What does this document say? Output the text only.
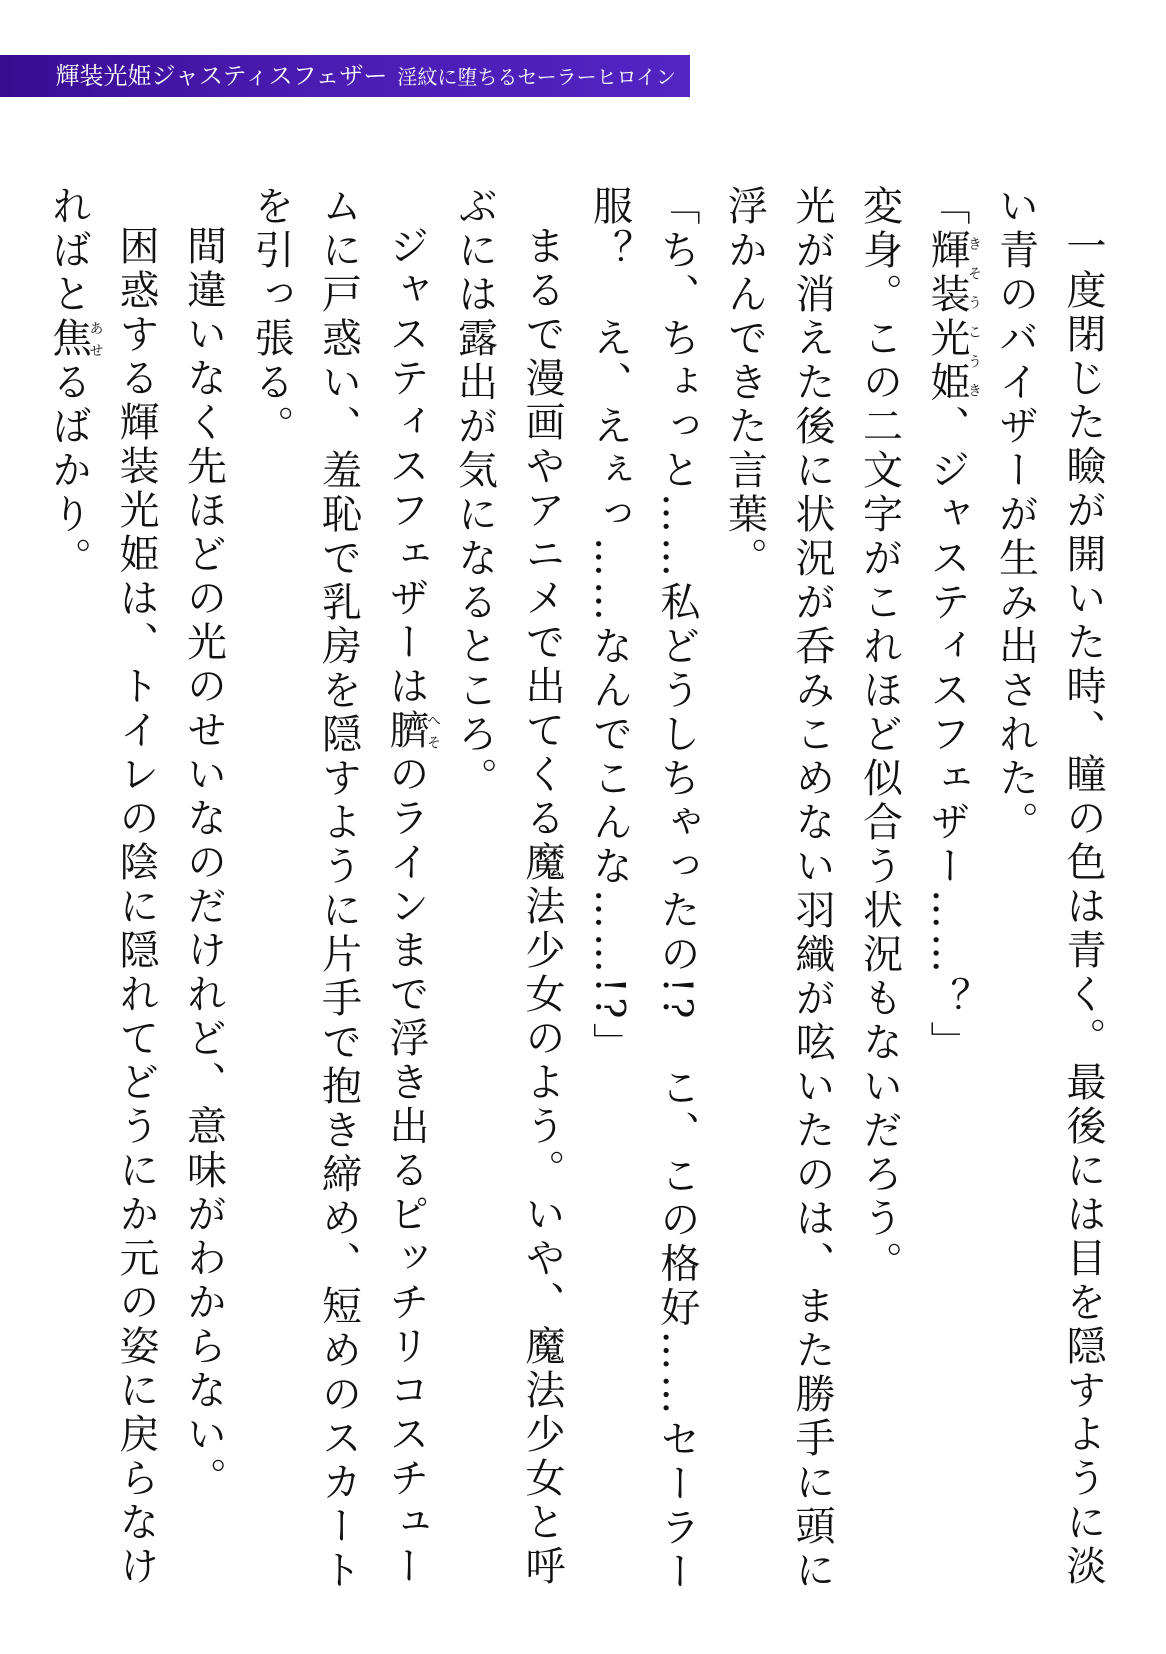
輝装光姫ジャスティスフェザー 淫紋に堕ちるセーラーヒロイン

一度閉じた瞼が開いた時、瞳の色は青く。最後には目を隠すように淡い青のバイザーが生み出された。

「輝装光姫きそうこうき、ジャスティスフェザー……？」

変身。この二文字がこれほど似合う状況もないだろう。

光が消えた後に状況が呑みこめない羽織が呟いたのは、また勝手に頭に浮かんできた言葉。

「ち、ちょっと……私どうしちゃったの!?　こ、この格好……セーラー服？　え、えぇっ……なんでこんな……!?」

まるで漫画やアニメで出てくる魔法少女のよう。いや、魔法少女と呼ぶには露出が気になるところ。

ジャスティスフェザーは臍へそのラインまで浮き出るピッチリコスチュームに戸惑い、羞恥で乳房を隠すように片手で抱き締め、短めのスカートを引っ張る。

間違いなく先ほどの光のせいなのだけれど、意味がわからない。

困惑する輝装光姫は、トイレの陰に隠れてどうにか元の姿に戻らなければと焦あせるばかり。
